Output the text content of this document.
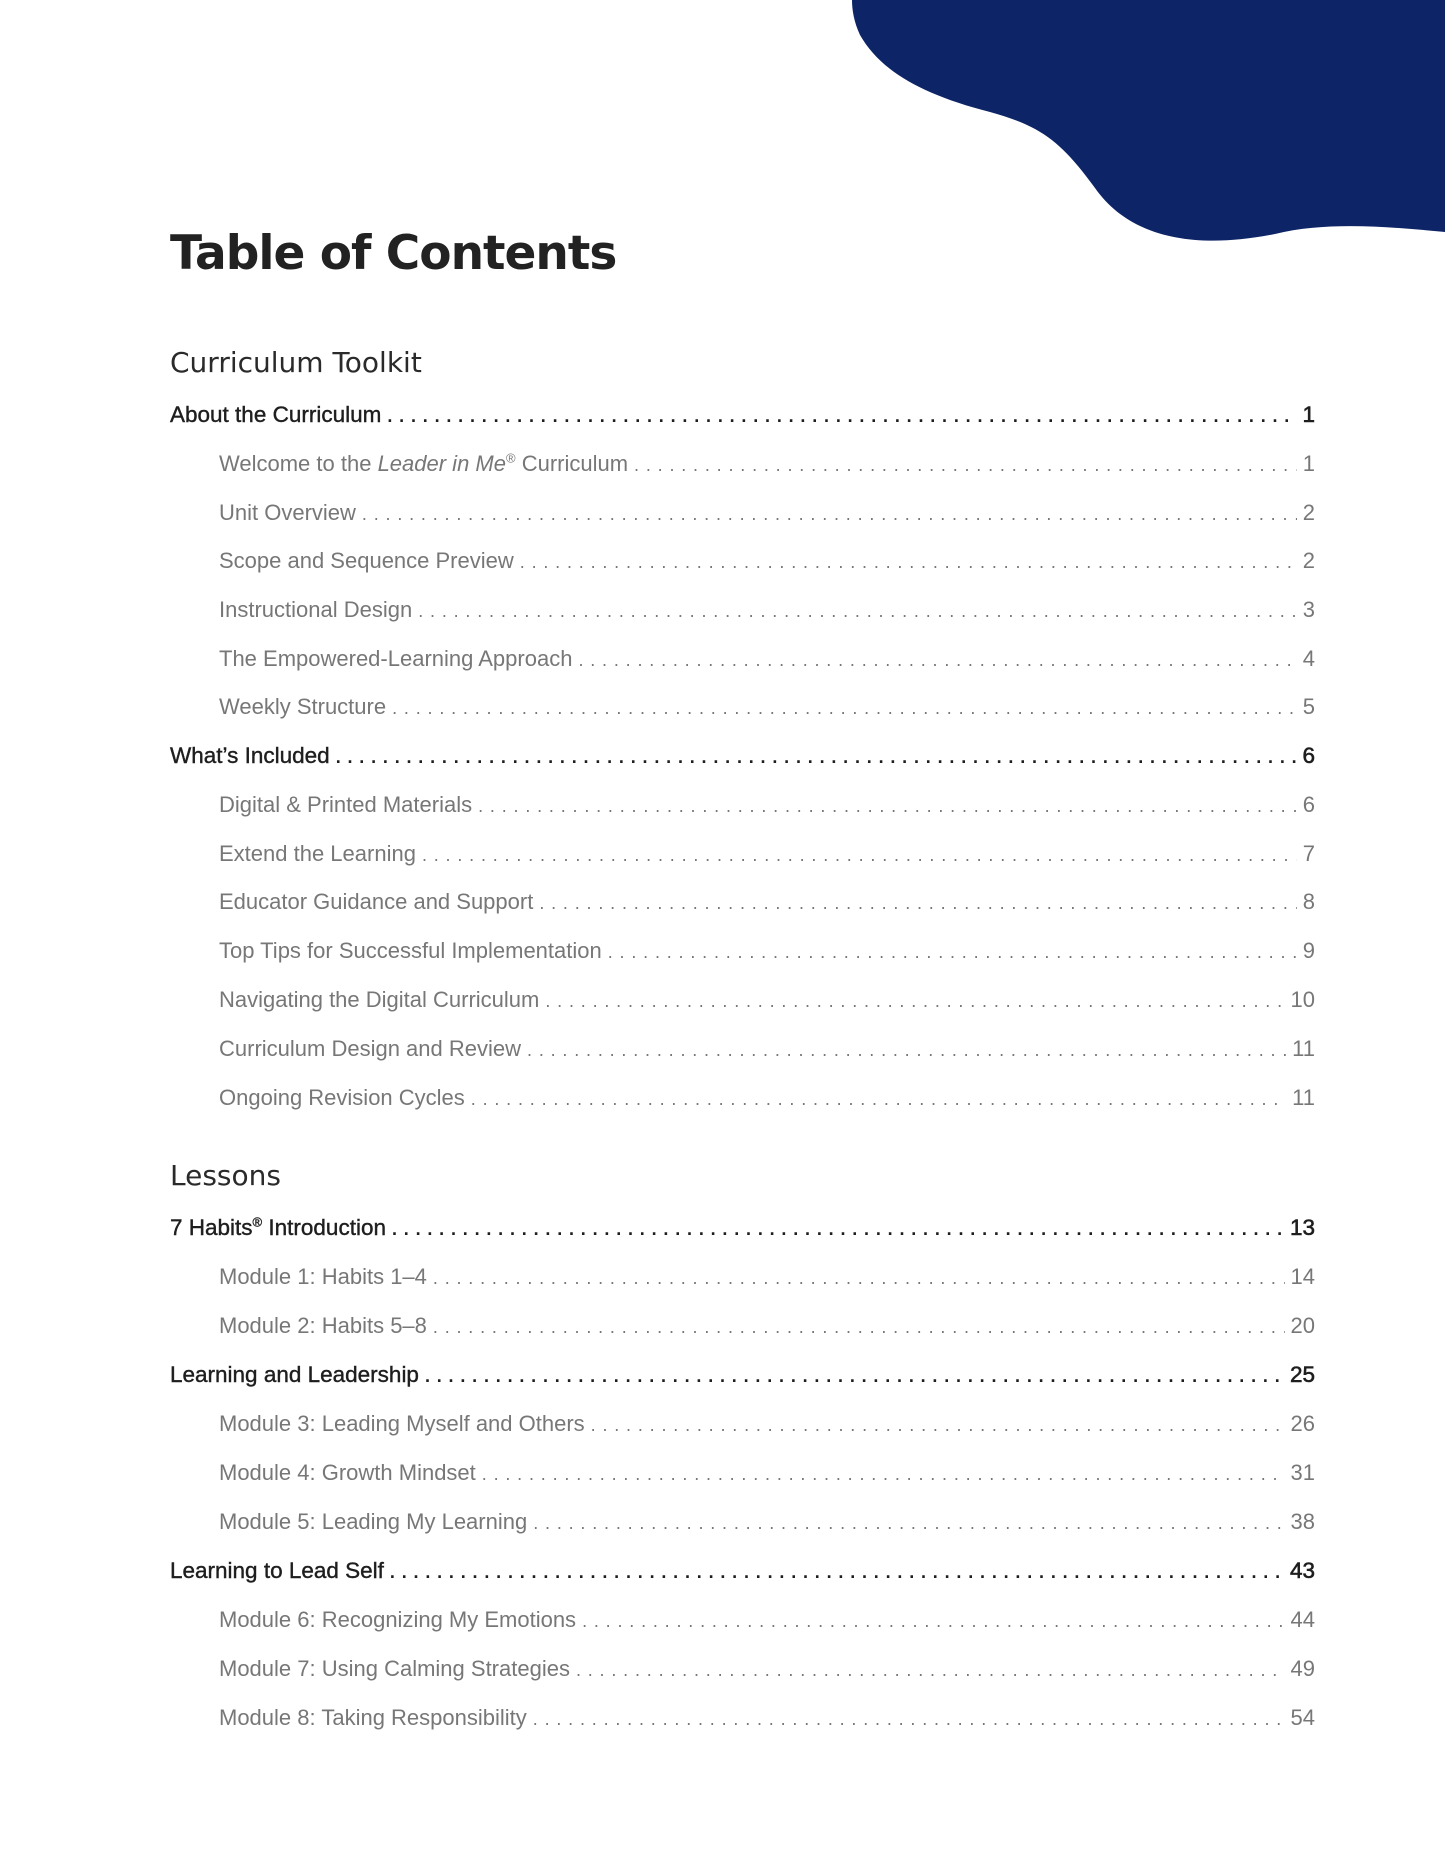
Table of Contents
Curriculum Toolkit
About the Curriculum . . .	1
Welcome to the Leader in Me® Curriculum . . .	1
Unit Overview . . .	2
Scope and Sequence Preview . . .	2
Instructional Design . . .	3
The Empowered-Learning Approach . . .	4
Weekly Structure . . .	5
What’s Included . . .	6
Digital & Printed Materials . . .	6
Extend the Learning . . .	7
Educator Guidance and Support . . .	8
Top Tips for Successful Implementation . . .	9
Navigating the Digital Curriculum . . .	10
Curriculum Design and Review . . .	11
Ongoing Revision Cycles . . .	11
Lessons
7 Habits® Introduction . . .	13
Module 1: Habits 1–4 . . .	14
Module 2: Habits 5–8 . . .	20
Learning and Leadership . . .	25
Module 3: Leading Myself and Others . . .	26
Module 4: Growth Mindset . . .	31
Module 5: Leading My Learning . . .	38
Learning to Lead Self . . .	43
Module 6: Recognizing My Emotions . . .	44
Module 7: Using Calming Strategies . . .	49
Module 8: Taking Responsibility . . .	54
